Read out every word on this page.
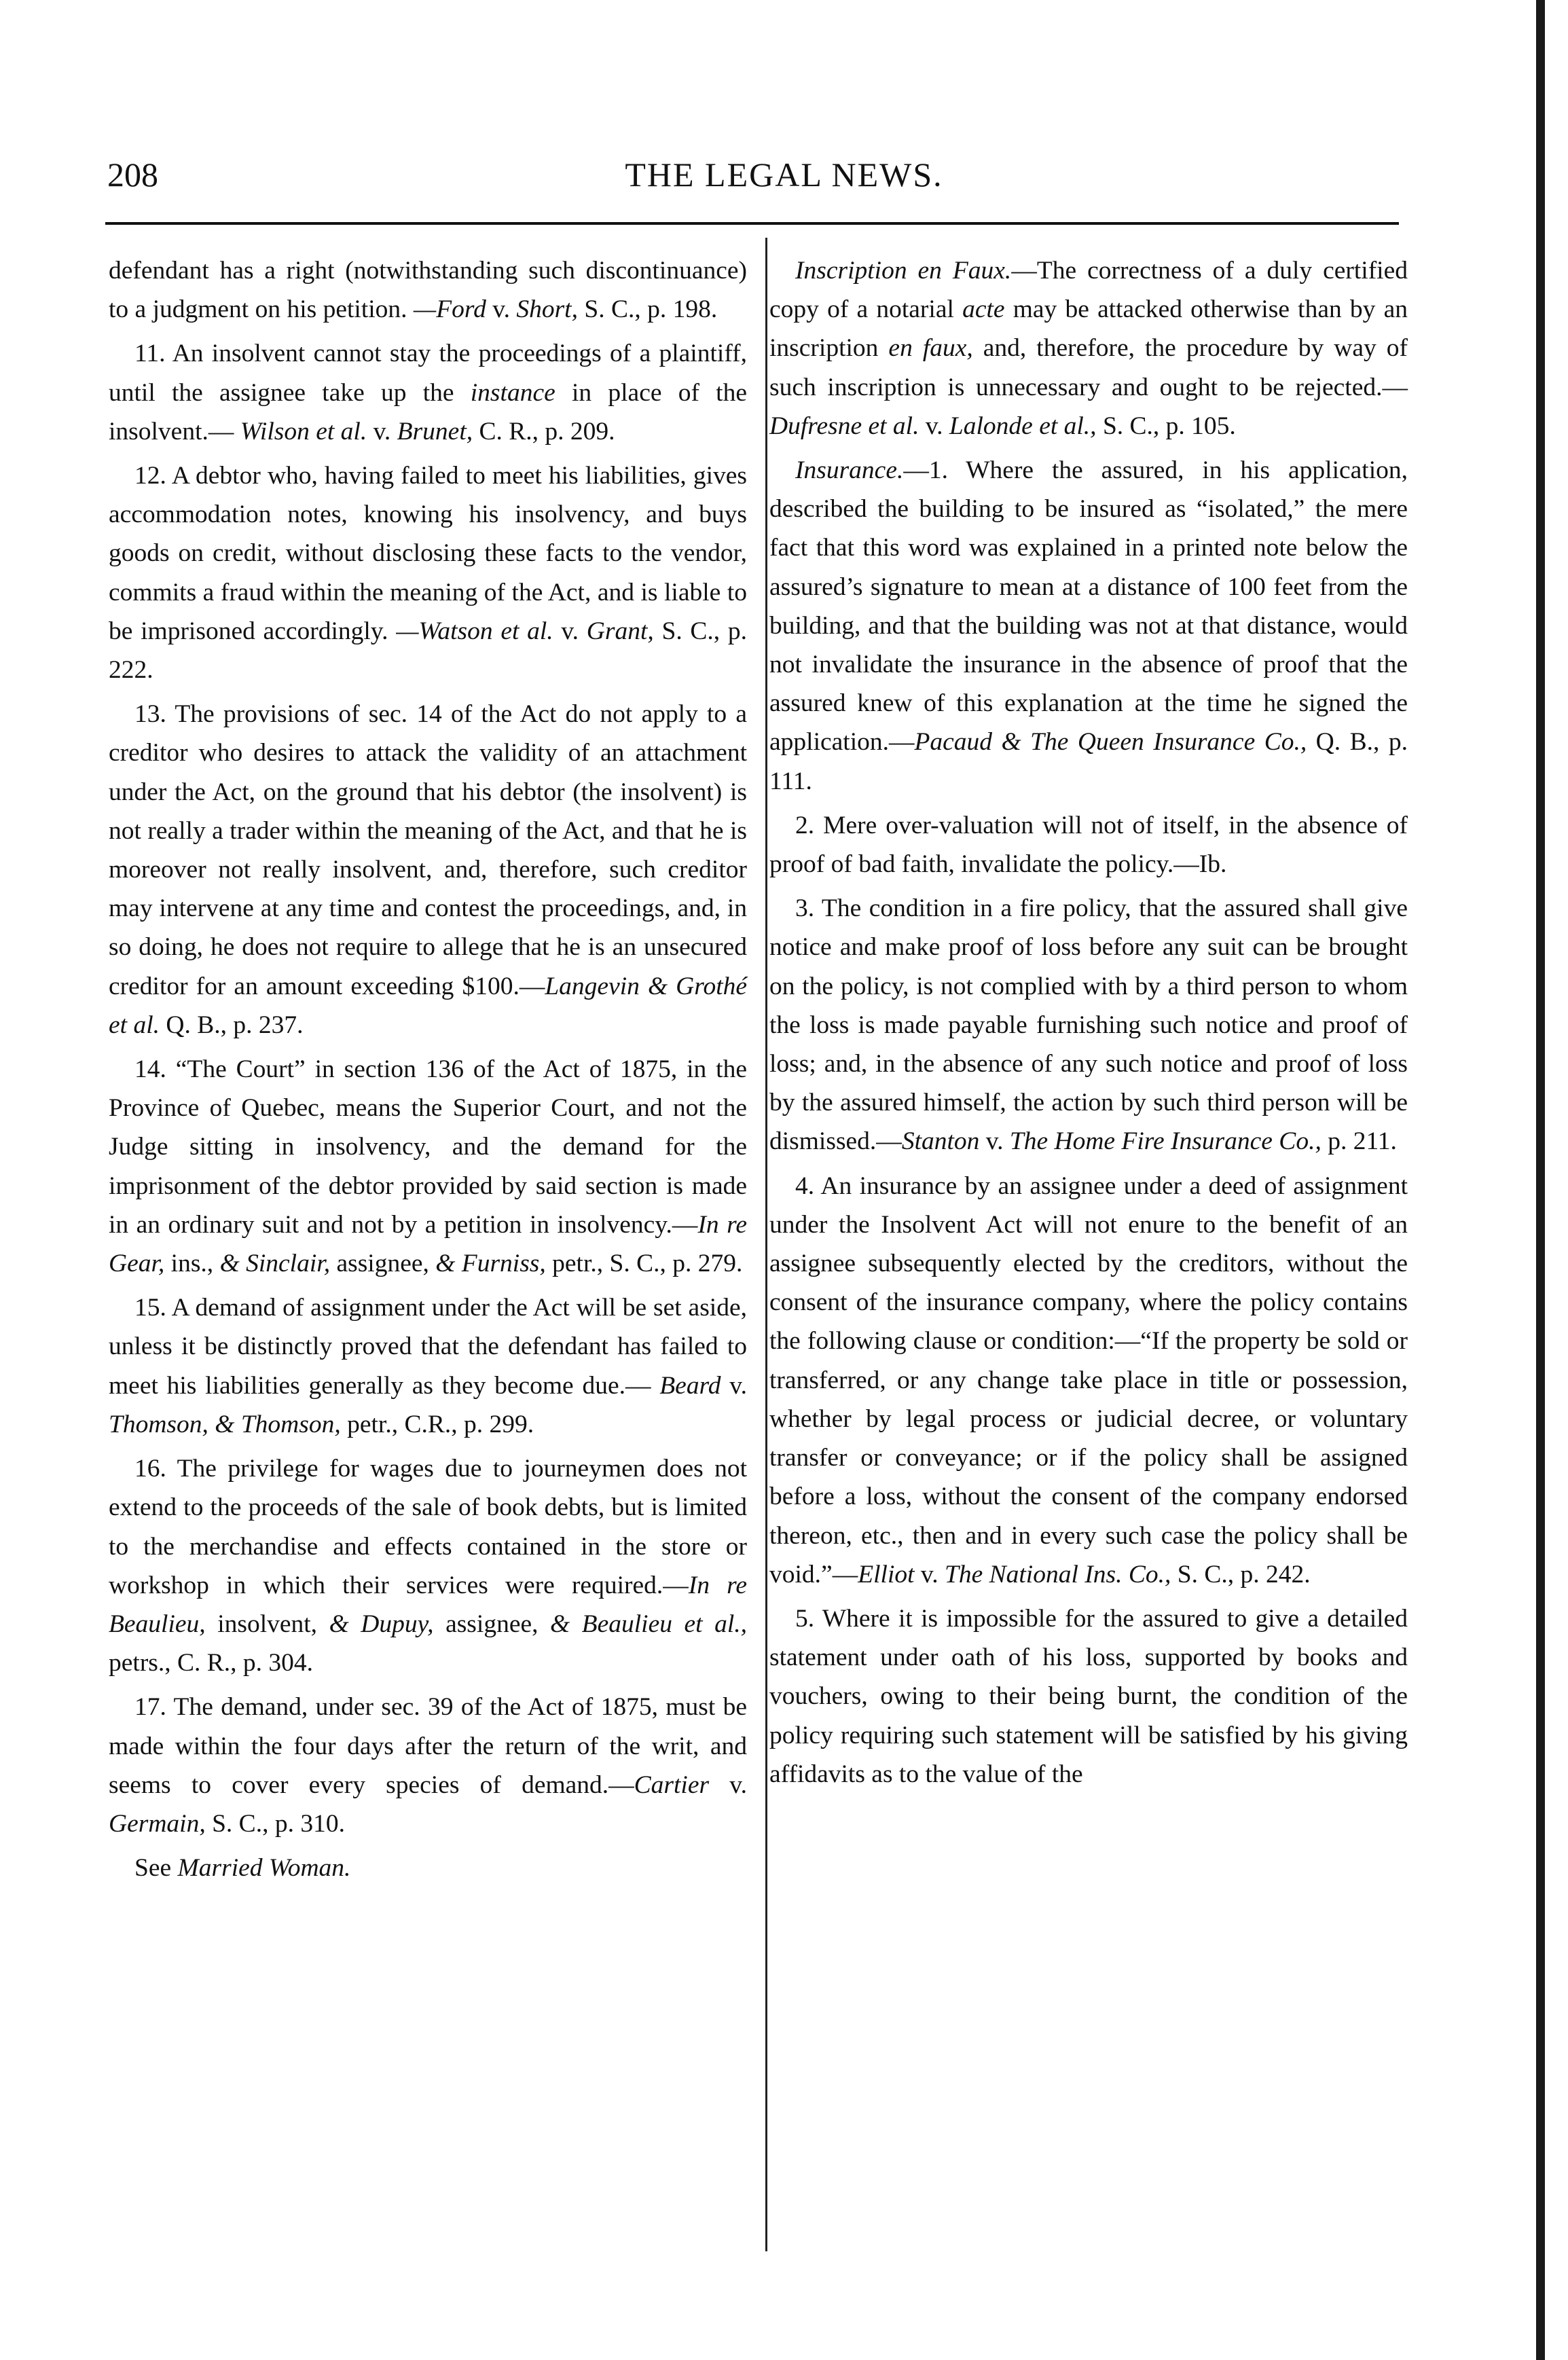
208	THE LEGAL NEWS.

defendant has a right (notwithstanding such discontinuance) to a judgment on his petition. —Ford v. Short, S. C., p. 198.

11. An insolvent cannot stay the proceedings of a plaintiff, until the assignee take up the instance in place of the insolvent.— Wilson et al. v. Brunet, C. R., p. 209.

12. A debtor who, having failed to meet his liabilities, gives accommodation notes, knowing his insolvency, and buys goods on credit, without disclosing these facts to the vendor, commits a fraud within the meaning of the Act, and is liable to be imprisoned accordingly. —Watson et al. v. Grant, S. C., p. 222.

13. The provisions of sec. 14 of the Act do not apply to a creditor who desires to attack the validity of an attachment under the Act, on the ground that his debtor (the insolvent) is not really a trader within the meaning of the Act, and that he is moreover not really insolvent, and, therefore, such creditor may intervene at any time and contest the proceedings, and, in so doing, he does not require to allege that he is an unsecured creditor for an amount exceeding $100.—Langevin & Grothé et al. Q. B., p. 237.

14. “The Court” in section 136 of the Act of 1875, in the Province of Quebec, means the Superior Court, and not the Judge sitting in insolvency, and the demand for the imprisonment of the debtor provided by said section is made in an ordinary suit and not by a petition in insolvency.—In re Gear, ins., & Sinclair, assignee, & Furniss, petr., S. C., p. 279.

15. A demand of assignment under the Act will be set aside, unless it be distinctly proved that the defendant has failed to meet his liabilities generally as they become due.— Beard v. Thomson, & Thomson, petr., C.R., p. 299.

16. The privilege for wages due to journeymen does not extend to the proceeds of the sale of book debts, but is limited to the merchandise and effects contained in the store or workshop in which their services were required.—In re Beaulieu, insolvent, & Dupuy, assignee, & Beaulieu et al., petrs., C. R., p. 304.

17. The demand, under sec. 39 of the Act of 1875, must be made within the four days after the return of the writ, and seems to cover every species of demand.—Cartier v. Germain, S. C., p. 310.

See Married Woman.

Inscription en Faux.—The correctness of a duly certified copy of a notarial acte may be attacked otherwise than by an inscription en faux, and, therefore, the procedure by way of such inscription is unnecessary and ought to be rejected.—Dufresne et al. v. Lalonde et al., S. C., p. 105.

Insurance.—1. Where the assured, in his application, described the building to be insured as “isolated,” the mere fact that this word was explained in a printed note below the assured’s signature to mean at a distance of 100 feet from the building, and that the building was not at that distance, would not invalidate the insurance in the absence of proof that the assured knew of this explanation at the time he signed the application.—Pacaud & The Queen Insurance Co., Q. B., p. 111.

2. Mere over-valuation will not of itself, in the absence of proof of bad faith, invalidate the policy.—Ib.

3. The condition in a fire policy, that the assured shall give notice and make proof of loss before any suit can be brought on the policy, is not complied with by a third person to whom the loss is made payable furnishing such notice and proof of loss; and, in the absence of any such notice and proof of loss by the assured himself, the action by such third person will be dismissed.—Stanton v. The Home Fire Insurance Co., p. 211.

4. An insurance by an assignee under a deed of assignment under the Insolvent Act will not enure to the benefit of an assignee subsequently elected by the creditors, without the consent of the insurance company, where the policy contains the following clause or condition:—“If the property be sold or transferred, or any change take place in title or possession, whether by legal process or judicial decree, or voluntary transfer or conveyance; or if the policy shall be assigned before a loss, without the consent of the company endorsed thereon, etc., then and in every such case the policy shall be void.”—Elliot v. The National Ins. Co., S. C., p. 242.

5. Where it is impossible for the assured to give a detailed statement under oath of his loss, supported by books and vouchers, owing to their being burnt, the condition of the policy requiring such statement will be satisfied by his giving affidavits as to the value of the
